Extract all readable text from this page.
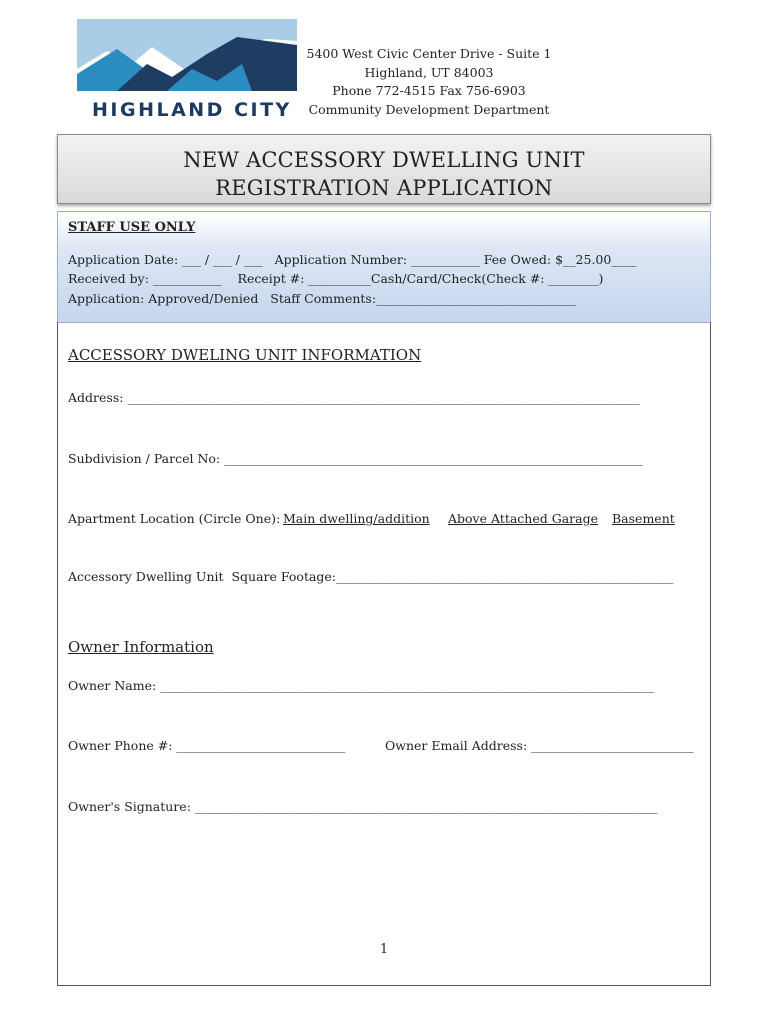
HIGHLAND CITY
5400 West Civic Center Drive - Suite 1
Highland, UT 84003
Phone 772-4515 Fax 756-6903
Community Development Department
NEW ACCESSORY DWELLING UNIT
REGISTRATION APPLICATION
STAFF USE ONLY
Application Date: ___ / ___ / ___   Application Number: ___________ Fee Owed: $__25.00____
Received by: ___________    Receipt #: __________Cash/Card/Check(Check #: ________)
Application: Approved/Denied   Staff Comments:________________________________
ACCESSORY DWELING UNIT INFORMATION
Address: __________________________________________________________________________________
Subdivision / Parcel No: ___________________________________________________________________
Apartment Location (Circle One): Main dwelling/addition Above Attached Garage Basement
Accessory Dwelling Unit  Square Footage:______________________________________________________
Owner Information
Owner Name: _______________________________________________________________________________
Owner Phone #: ___________________________	Owner Email Address: __________________________
Owner's Signature: __________________________________________________________________________
1
